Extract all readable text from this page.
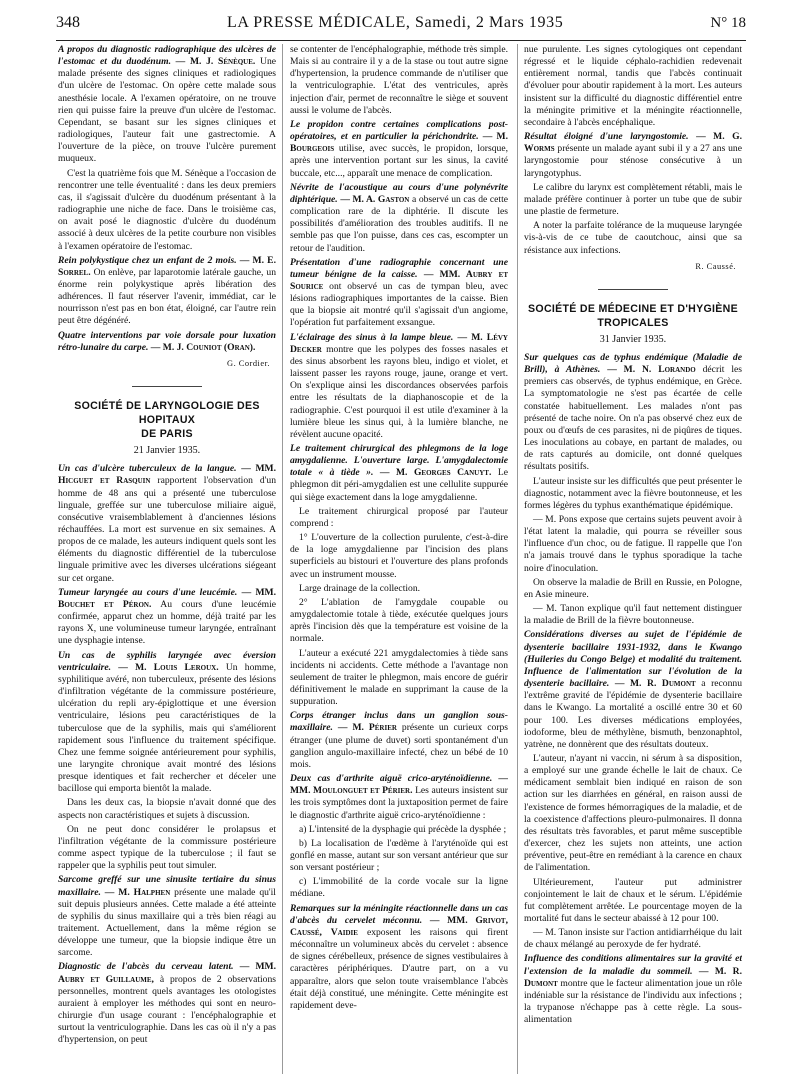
348	LA PRESSE MÉDICALE, Samedi, 2 Mars 1935	N° 18

A propos du diagnostic radiographique des ulcères de l'estomac et du duodénum. — M. J. Sénèque. Une malade présente des signes cliniques et radiologiques d'un ulcère de l'estomac. On opère cette malade sous anesthésie locale. A l'examen opératoire, on ne trouve rien qui puisse faire la preuve d'un ulcère de l'estomac. Cependant, se basant sur les signes cliniques et radiologiques, l'auteur fait une gastrectomie. A l'ouverture de la pièce, on trouve l'ulcère purement muqueux.

C'est la quatrième fois que M. Sénèque a l'occasion de rencontrer une telle éventualité : dans les deux premiers cas, il s'agissait d'ulcère du duodénum présentant à la radiographie une niche de face. Dans le troisième cas, on avait posé le diagnostic d'ulcère du duodénum associé à deux ulcères de la petite courbure non visibles à l'examen opératoire de l'estomac.

Rein polykystique chez un enfant de 2 mois. — M. E. Sorrel. On enlève, par laparotomie latérale gauche, un énorme rein polykystique après libération des adhérences. Il faut réserver l'avenir, immédiat, car le nourrisson n'est pas en bon état, éloigné, car l'autre rein peut être dégénéré.

Quatre interventions par voie dorsale pour luxation rétro-lunaire du carpe. — M. J. Couniot (Oran).

G. Cordier.
SOCIÉTÉ DE LARYNGOLOGIE DES HOPITAUX
DE PARIS
21 Janvier 1935.

Un cas d'ulcère tuberculeux de la langue. — MM. Hicguet et Rasquin rapportent l'observation d'un homme de 48 ans qui a présenté une tuberculose linguale, greffée sur une tuberculose miliaire aiguë, consécutive vraisemblablement à d'anciennes lésions réchauffées. La mort est survenue en six semaines. A propos de ce malade, les auteurs indiquent quels sont les éléments du diagnostic différentiel de la tuberculose linguale primitive avec les diverses ulcérations siégeant sur cet organe.

Tumeur laryngée au cours d'une leucémie. — MM. Bouchet et Péron. Au cours d'une leucémie confirmée, apparut chez un homme, déjà traité par les rayons X, une volumineuse tumeur laryngée, entraînant une dysphagie intense.

Un cas de syphilis laryngée avec éversion ventriculaire. — M. Louis Leroux. Un homme, syphilitique avéré, non tuberculeux, présente des lésions d'infiltration végétante de la commissure postérieure, ulcération du repli ary-épiglottique et une éversion ventriculaire, lésions peu caractéristiques de la tuberculose que de la syphilis, mais qui s'améliorent rapidement sous l'influence du traitement spécifique. Chez une femme soignée antérieurement pour syphilis, une laryngite chronique avait montré des lésions presque identiques et fait rechercher et déceler une bacillose qui emporta bientôt la malade.

Dans les deux cas, la biopsie n'avait donné que des aspects non caractéristiques et sujets à discussion.

On ne peut donc considérer le prolapsus et l'infiltration végétante de la commissure postérieure comme aspect typique de la tuberculose ; il faut se rappeler que la syphilis peut tout simuler.

Sarcome greffé sur une sinusite tertiaire du sinus maxillaire. — M. Halphen présente une malade qu'il suit depuis plusieurs années. Cette malade a été atteinte de syphilis du sinus maxillaire qui a très bien réagi au traitement. Actuellement, dans la même région se développe une tumeur, que la biopsie indique être un sarcome.

Diagnostic de l'abcès du cerveau latent. — MM. Aubry et Guillaume, à propos de 2 observations personnelles, montrent quels avantages les otologistes auraient à employer les méthodes qui sont en neuro-chirurgie d'un usage courant : l'encéphalographie et surtout la ventriculographie. Dans les cas où il n'y a pas d'hypertension, on peut

se contenter de l'encéphalographie, méthode très simple. Mais si au contraire il y a de la stase ou tout autre signe d'hypertension, la prudence commande de n'utiliser que la ventriculographie. L'état des ventricules, après injection d'air, permet de reconnaître le siège et souvent aussi le volume de l'abcès.

Le propidon contre certaines complications post-opératoires, et en particulier la périchondrite. — M. Bourgeois utilise, avec succès, le propidon, lorsque, après une intervention portant sur les sinus, la cavité buccale, etc..., apparaît une menace de complication.

Névrite de l'acoustique au cours d'une polynévrite diphtérique. — M. A. Gaston a observé un cas de cette complication rare de la diphtérie. Il discute les possibilités d'amélioration des troubles auditifs. Il ne semble pas que l'on puisse, dans ces cas, escompter un retour de l'audition.

Présentation d'une radiographie concernant une tumeur bénigne de la caisse. — MM. Aubry et Sourice ont observé un cas de tympan bleu, avec lésions radiographiques importantes de la caisse. Bien que la biopsie ait montré qu'il s'agissait d'un angiome, l'opération fut parfaitement exsangue.

L'éclairage des sinus à la lampe bleue. — M. Lévy Decker montre que les polypes des fosses nasales et des sinus absorbent les rayons bleu, indigo et violet, et laissent passer les rayons rouge, jaune, orange et vert. On s'explique ainsi les discordances observées parfois entre les résultats de la diaphanoscopie et de la radiographie. C'est pourquoi il est utile d'examiner à la lumière bleue les sinus qui, à la lumière blanche, ne révèlent aucune opacité.

Le traitement chirurgical des phlegmons de la loge amygdalienne. L'ouverture large. L'amygdalectomie totale « à tiède ». — M. Georges Canuyt. Le phlegmon dit péri-amygdalien est une cellulite suppurée qui siège exactement dans la loge amygdalienne.

Le traitement chirurgical proposé par l'auteur comprend :

1° L'ouverture de la collection purulente, c'est-à-dire de la loge amygdalienne par l'incision des plans superficiels au bistouri et l'ouverture des plans profonds avec un instrument mousse.

Large drainage de la collection.

2° L'ablation de l'amygdale coupable ou amygdalectomie totale à tiède, exécutée quelques jours après l'incision dès que la température est voisine de la normale.

L'auteur a exécuté 221 amygdalectomies à tiède sans incidents ni accidents. Cette méthode a l'avantage non seulement de traiter le phlegmon, mais encore de guérir définitivement le malade en supprimant la cause de la suppuration.

Corps étranger inclus dans un ganglion sous-maxillaire. — M. Périer présente un curieux corps étranger (une plume de duvet) sorti spontanément d'un ganglion angulo-maxillaire infecté, chez un bébé de 10 mois.

Deux cas d'arthrite aiguë crico-aryténoïdienne. — MM. Moulonguet et Périer. Les auteurs insistent sur les trois symptômes dont la juxtaposition permet de faire le diagnostic d'arthrite aiguë crico-aryténoïdienne :

a) L'intensité de la dysphagie qui précède la dysphée ;

b) La localisation de l'œdème à l'aryténoïde qui est gonflé en masse, autant sur son versant antérieur que sur son versant postérieur ;

c) L'immobilité de la corde vocale sur la ligne médiane.

Remarques sur la méningite réactionnelle dans un cas d'abcès du cervelet méconnu. — MM. Grivot, Caussé, Vaidie exposent les raisons qui firent méconnaître un volumineux abcès du cervelet : absence de signes cérébelleux, présence de signes vestibulaires à caractères périphériques. D'autre part, on a vu apparaître, alors que selon toute vraisemblance l'abcès était déjà constitué, une méningite. Cette méningite est rapidement deve-

nue purulente. Les signes cytologiques ont cependant régressé et le liquide céphalo-rachidien redevenait entièrement normal, tandis que l'abcès continuait d'évoluer pour aboutir rapidement à la mort. Les auteurs insistent sur la difficulté du diagnostic différentiel entre la méningite primitive et la méningite réactionnelle, secondaire à l'abcès encéphalique.

Résultat éloigné d'une laryngostomie. — M. G. Worms présente un malade ayant subi il y a 27 ans une laryngostomie pour sténose consécutive à un laryngotyphus.

Le calibre du larynx est complètement rétabli, mais le malade préfère continuer à porter un tube que de subir une plastie de fermeture.

A noter la parfaite tolérance de la muqueuse laryngée vis-à-vis de ce tube de caoutchouc, ainsi que sa résistance aux infections.

R. Caussé.
SOCIÉTÉ DE MÉDECINE ET D'HYGIÈNE TROPICALES
31 Janvier 1935.

Sur quelques cas de typhus endémique (Maladie de Brill), à Athènes. — M. N. Lorando décrit les premiers cas observés, de typhus endémique, en Grèce. La symptomatologie ne s'est pas écartée de celle constatée habituellement. Les malades n'ont pas présenté de tache noire. On n'a pas observé chez eux de poux ou d'œufs de ces parasites, ni de piqûres de tiques. Les inoculations au cobaye, en partant de malades, ou de rats capturés au domicile, ont donné quelques résultats positifs.

L'auteur insiste sur les difficultés que peut présenter le diagnostic, notamment avec la fièvre boutonneuse, et les formes légères du typhus exanthématique épidémique.

— M. Pons expose que certains sujets peuvent avoir à l'état latent la maladie, qui pourra se réveiller sous l'influence d'un choc, ou de fatigue. Il rappelle que l'on n'a jamais trouvé dans le typhus sporadique la tache noire d'inoculation.

On observe la maladie de Brill en Russie, en Pologne, en Asie mineure.

— M. Tanon explique qu'il faut nettement distinguer la maladie de Brill de la fièvre boutonneuse.

Considérations diverses au sujet de l'épidémie de dysenterie bacillaire 1931-1932, dans le Kwango (Huileries du Congo Belge) et modalité du traitement. Influence de l'alimentation sur l'évolution de la dysenterie bacillaire. — M. R. Dumont a reconnu l'extrême gravité de l'épidémie de dysenterie bacillaire dans le Kwango. La mortalité a oscillé entre 30 et 60 pour 100. Les diverses médications employées, iodoforme, bleu de méthylène, bismuth, benzonaphtol, yatrène, ne donnèrent que des résultats douteux.

L'auteur, n'ayant ni vaccin, ni sérum à sa disposition, a employé sur une grande échelle le lait de chaux. Ce médicament semblait bien indiqué en raison de son action sur les diarrhées en général, en raison aussi de l'existence de formes hémorragiques de la maladie, et de la coexistence d'affections pleuro-pulmonaires. Il donna des résultats très favorables, et parut même susceptible d'exercer, chez les sujets non atteints, une action préventive, peut-être en remédiant à la carence en chaux de l'alimentation.

Ultérieurement, l'auteur put administrer conjointement le lait de chaux et le sérum. L'épidémie fut complètement arrêtée. Le pourcentage moyen de la mortalité fut dans le secteur abaissé à 12 pour 100.

— M. Tanon insiste sur l'action antidiarrhéique du lait de chaux mélangé au peroxyde de fer hydraté.

Influence des conditions alimentaires sur la gravité et l'extension de la maladie du sommeil. — M. R. Dumont montre que le facteur alimentation joue un rôle indéniable sur la résistance de l'individu aux infections ; la trypanose n'échappe pas à cette règle. La sous-alimentation
